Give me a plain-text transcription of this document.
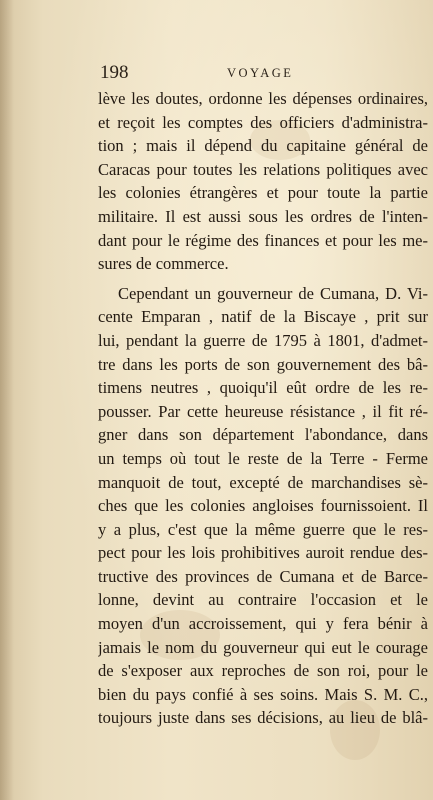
198	VOYAGE
lève les doutes, ordonne les dépenses ordinaires,
et reçoit les comptes des officiers d'administra-
tion ; mais il dépend du capitaine général de
Caracas pour toutes les relations politiques avec
les colonies étrangères et pour toute la partie
militaire. Il est aussi sous les ordres de l'inten-
dant pour le régime des finances et pour les me-
sures de commerce.
Cependant un gouverneur de Cumana, D. Vi-
cente Emparan , natif de la Biscaye , prit sur
lui, pendant la guerre de 1795 à 1801, d'admet-
tre dans les ports de son gouvernement des bâ-
timens neutres , quoiqu'il eût ordre de les re-
pousser. Par cette heureuse résistance , il fit ré-
gner dans son département l'abondance, dans
un temps où tout le reste de la Terre - Ferme
manquoit de tout, excepté de marchandises sè-
ches que les colonies angloises fournissoient. Il
y a plus, c'est que la même guerre que le res-
pect pour les lois prohibitives auroit rendue des-
tructive des provinces de Cumana et de Barce-
lonne, devint au contraire l'occasion et le
moyen d'un accroissement, qui y fera bénir à
jamais le nom du gouverneur qui eut le courage
de s'exposer aux reproches de son roi, pour le
bien du pays confié à ses soins. Mais S. M. C.,
toujours juste dans ses décisions, au lieu de blâ-
